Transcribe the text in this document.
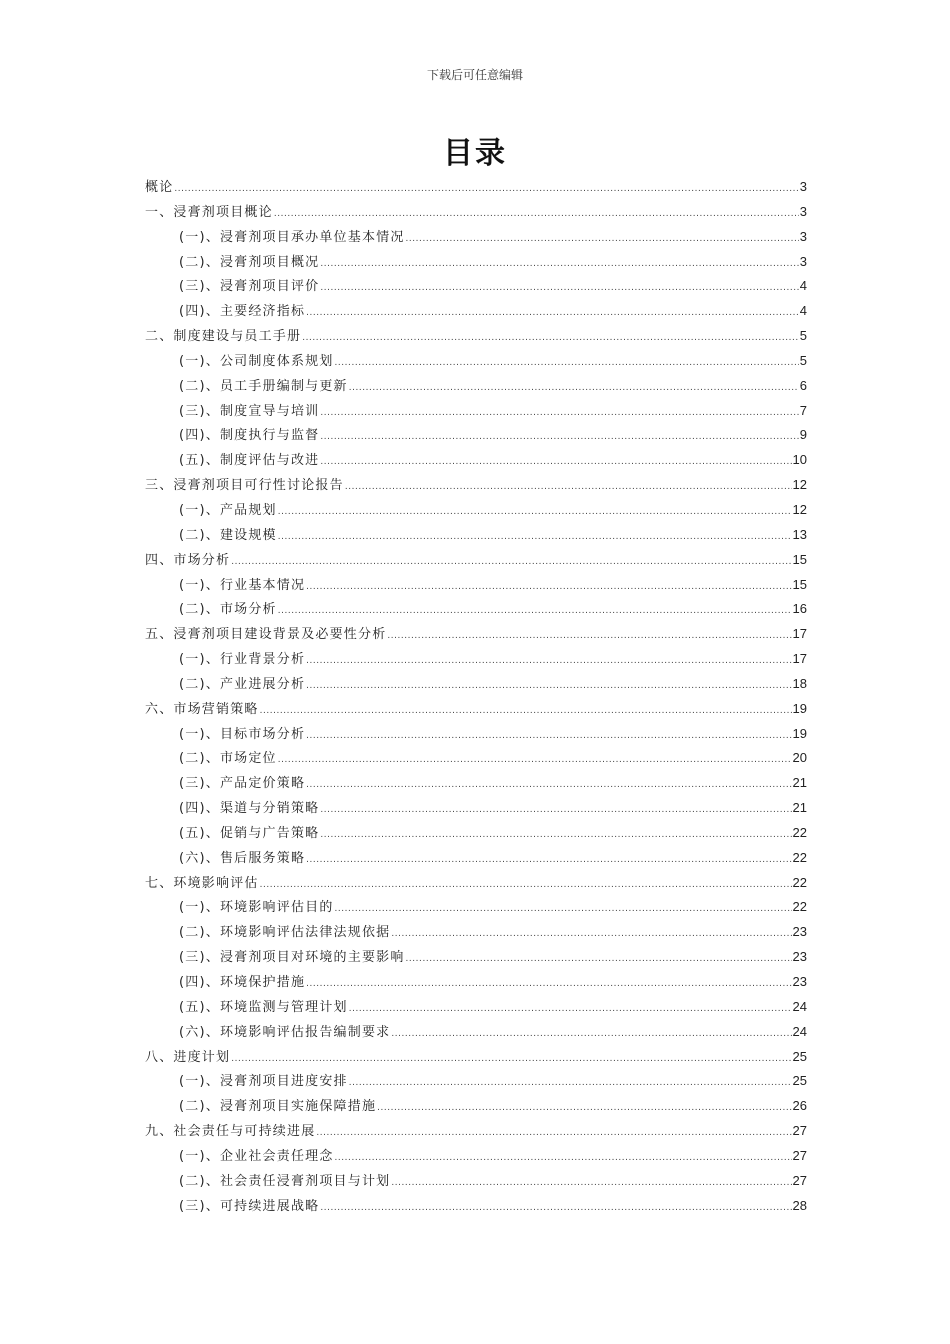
下载后可任意编辑
目录
概论 .....	3
一、浸膏剂项目概论 .....	3
(一)、浸膏剂项目承办单位基本情况 .....	3
(二)、浸膏剂项目概况 .....	3
(三)、浸膏剂项目评价 .....	4
(四)、主要经济指标 .....	4
二、制度建设与员工手册 .....	5
(一)、公司制度体系规划 .....	5
(二)、员工手册编制与更新 .....	6
(三)、制度宣导与培训 .....	7
(四)、制度执行与监督 .....	9
(五)、制度评估与改进 .....	10
三、浸膏剂项目可行性讨论报告 .....	12
(一)、产品规划 .....	12
(二)、建设规模 .....	13
四、市场分析 .....	15
(一)、行业基本情况 .....	15
(二)、市场分析 .....	16
五、浸膏剂项目建设背景及必要性分析 .....	17
(一)、行业背景分析 .....	17
(二)、产业进展分析 .....	18
六、市场营销策略 .....	19
(一)、目标市场分析 .....	19
(二)、市场定位 .....	20
(三)、产品定价策略 .....	21
(四)、渠道与分销策略 .....	21
(五)、促销与广告策略 .....	22
(六)、售后服务策略 .....	22
七、环境影响评估 .....	22
(一)、环境影响评估目的 .....	22
(二)、环境影响评估法律法规依据 .....	23
(三)、浸膏剂项目对环境的主要影响 .....	23
(四)、环境保护措施 .....	23
(五)、环境监测与管理计划 .....	24
(六)、环境影响评估报告编制要求 .....	24
八、进度计划 .....	25
(一)、浸膏剂项目进度安排 .....	25
(二)、浸膏剂项目实施保障措施 .....	26
九、社会责任与可持续进展 .....	27
(一)、企业社会责任理念 .....	27
(二)、社会责任浸膏剂项目与计划 .....	27
(三)、可持续进展战略 .....	28
